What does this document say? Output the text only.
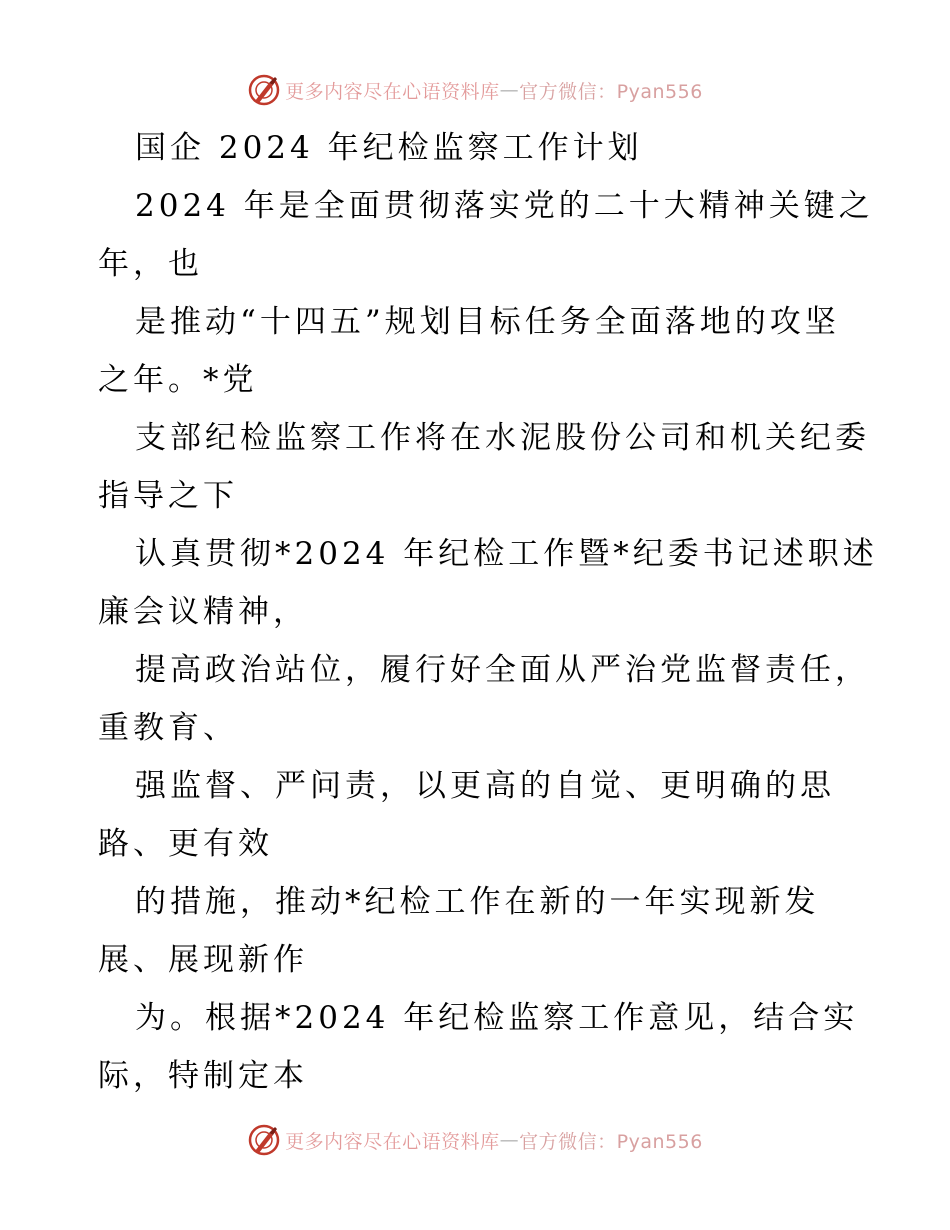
更多内容尽在心语资料库 — 官方微信：Pyan556
国企 2024 年纪检监察工作计划
2024 年是全面贯彻落实党的二十大精神关键之
年，也
是推动“十四五”规划目标任务全面落地的攻坚
之年。*党
支部纪检监察工作将在水泥股份公司和机关纪委
指导之下
认真贯彻*2024 年纪检工作暨*纪委书记述职述
廉会议精神，
提高政治站位，履行好全面从严治党监督责任，
重教育、
强监督、严问责，以更高的自觉、更明确的思
路、更有效
的措施，推动*纪检工作在新的一年实现新发
展、展现新作
为。根据*2024 年纪检监察工作意见，结合实
际，特制定本
更多内容尽在心语资料库 — 官方微信：Pyan556
